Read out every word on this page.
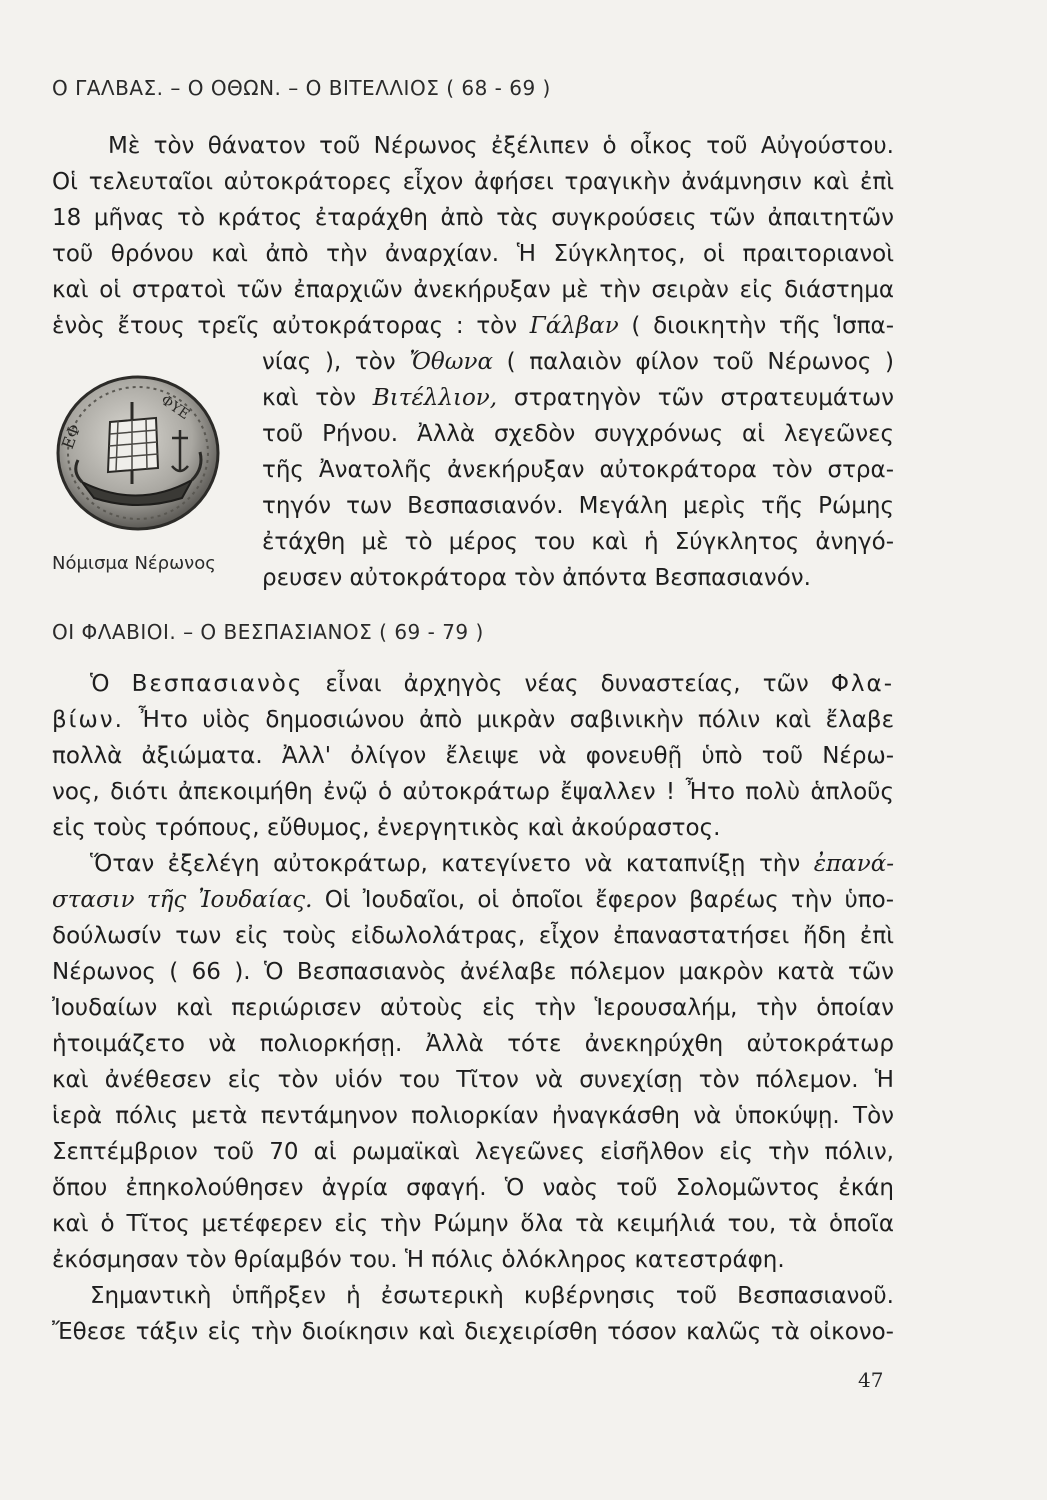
Ο ΓΑΛΒΑΣ. – Ο ΟΘΩΝ. – Ο ΒΙΤΕΛΛΙΟΣ ( 68 - 69 )
Μὲ τὸν θάνατον τοῦ Νέρωνος ἐξέλιπεν ὁ οἶκος τοῦ Αὐγούστου.
Οἱ τελευταῖοι αὐτοκράτορες εἶχον ἀφήσει τραγικὴν ἀνάμνησιν καὶ ἐπὶ
18 μῆνας τὸ κράτος ἐταράχθη ἀπὸ τὰς συγκρούσεις τῶν ἀπαιτητῶν
τοῦ θρόνου καὶ ἀπὸ τὴν ἀναρχίαν. Ἡ Σύγκλητος, οἱ πραιτοριανοὶ
καὶ οἱ στρατοὶ τῶν ἐπαρχιῶν ἀνεκήρυξαν μὲ τὴν σειρὰν εἰς διάστημα
ἑνὸς ἔτους τρεῖς αὐτοκράτορας : τὸν Γάλβαν ( διοικητὴν τῆς Ἱσπα-
νίας ), τὸν Ὄθωνα ( παλαιὸν φίλον τοῦ Νέρωνος )
καὶ τὸν Βιτέλλιον, στρατηγὸν τῶν στρατευμάτων
τοῦ Ρήνου. Ἀλλὰ σχεδὸν συγχρόνως αἱ λεγεῶνες
τῆς Ἀνατολῆς ἀνεκήρυξαν αὐτοκράτορα τὸν στρα-
τηγόν των Βεσπασιανόν. Μεγάλη μερὶς τῆς Ρώμης
ἐτάχθη μὲ τὸ μέρος του καὶ ἡ Σύγκλητος ἀνηγό-
ρευσεν αὐτοκράτορα τὸν ἀπόντα Βεσπασιανόν.
ΕΦ
ΦΥΕ
Νόμισμα Νέρωνος
ΟΙ ΦΛΑΒΙΟΙ. – Ο ΒΕΣΠΑΣΙΑΝΟΣ ( 69 - 79 )
Ὁ Βεσπασιανὸς εἶναι ἀρχηγὸς νέας δυναστείας, τῶν Φλα-
βίων. Ἦτο υἱὸς δημοσιώνου ἀπὸ μικρὰν σαβινικὴν πόλιν καὶ ἔλαβε
πολλὰ ἀξιώματα. Ἀλλ' ὀλίγον ἔλειψε νὰ φονευθῇ ὑπὸ τοῦ Νέρω-
νος, διότι ἀπεκοιμήθη ἐνῷ ὁ αὐτοκράτωρ ἔψαλλεν ! Ἦτο πολὺ ἁπλοῦς
εἰς τοὺς τρόπους, εὔθυμος, ἐνεργητικὸς καὶ ἀκούραστος.
Ὅταν ἐξελέγη αὐτοκράτωρ, κατεγίνετο νὰ καταπνίξῃ τὴν ἐπανά-
στασιν τῆς Ἰουδαίας. Οἱ Ἰουδαῖοι, οἱ ὁποῖοι ἔφερον βαρέως τὴν ὑπο-
δούλωσίν των εἰς τοὺς εἰδωλολάτρας, εἶχον ἐπαναστατήσει ἤδη ἐπὶ
Νέρωνος ( 66 ). Ὁ Βεσπασιανὸς ἀνέλαβε πόλεμον μακρὸν κατὰ τῶν
Ἰουδαίων καὶ περιώρισεν αὐτοὺς εἰς τὴν Ἱερουσαλήμ, τὴν ὁποίαν
ἡτοιμάζετο νὰ πολιορκήσῃ. Ἀλλὰ τότε ἀνεκηρύχθη αὐτοκράτωρ
καὶ ἀνέθεσεν εἰς τὸν υἱόν του Τῖτον νὰ συνεχίσῃ τὸν πόλεμον. Ἡ
ἱερὰ πόλις μετὰ πεντάμηνον πολιορκίαν ἠναγκάσθη νὰ ὑποκύψῃ. Τὸν
Σεπτέμβριον τοῦ 70 αἱ ρωμαϊκαὶ λεγεῶνες εἰσῆλθον εἰς τὴν πόλιν,
ὅπου ἐπηκολούθησεν ἀγρία σφαγή. Ὁ ναὸς τοῦ Σολομῶντος ἐκάη
καὶ ὁ Τῖτος μετέφερεν εἰς τὴν Ρώμην ὅλα τὰ κειμήλιά του, τὰ ὁποῖα
ἐκόσμησαν τὸν θρίαμβόν του. Ἡ πόλις ὁλόκληρος κατεστράφη.
Σημαντικὴ ὑπῆρξεν ἡ ἐσωτερικὴ κυβέρνησις τοῦ Βεσπασιανοῦ.
Ἔθεσε τάξιν εἰς τὴν διοίκησιν καὶ διεχειρίσθη τόσον καλῶς τὰ οἰκονο-
47
